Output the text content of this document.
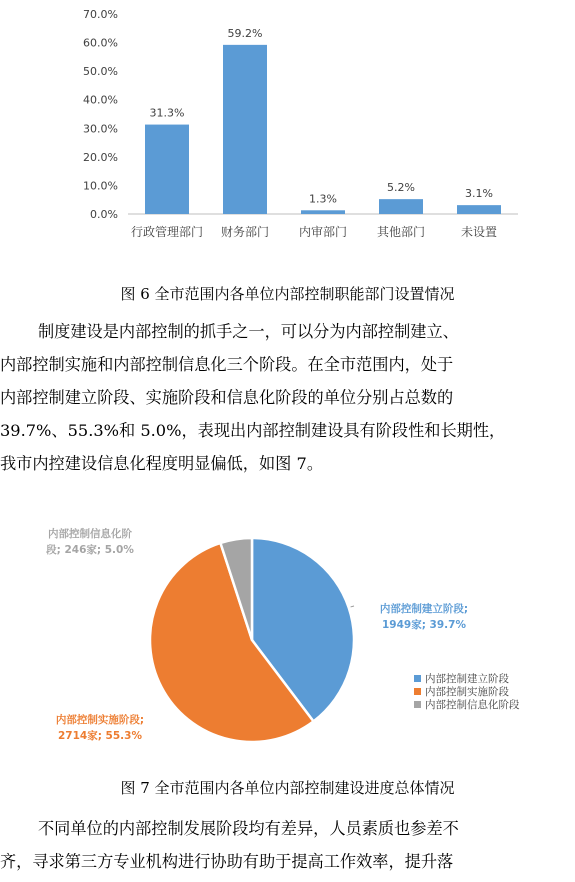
0.0%
10.0%
20.0%
30.0%
40.0%
50.0%
60.0%
70.0%
31.3%
行政管理部门
59.2%
财务部门
1.3%
内审部门
5.2%
其他部门
3.1%
未设置
图 6 全市范围内各单位内部控制职能部门设置情况
制度建设是内部控制的抓手之一，可以分为内部控制建立、
内部控制实施和内部控制信息化三个阶段。在全市范围内，处于
内部控制建立阶段、实施阶段和信息化阶段的单位分别占总数的
39.7%、55.3%和 5.0%，表现出内部控制建设具有阶段性和长期性，
我市内控建设信息化程度明显偏低，如图 7。
内部控制建立阶段;
1949家; 39.7%
内部控制实施阶段;
2714家; 55.3%
内部控制信息化阶
段; 246家; 5.0%
内部控制建立阶段
内部控制实施阶段
内部控制信息化阶段
图 7 全市范围内各单位内部控制建设进度总体情况
不同单位的内部控制发展阶段均有差异，人员素质也参差不
齐，寻求第三方专业机构进行协助有助于提高工作效率，提升落
